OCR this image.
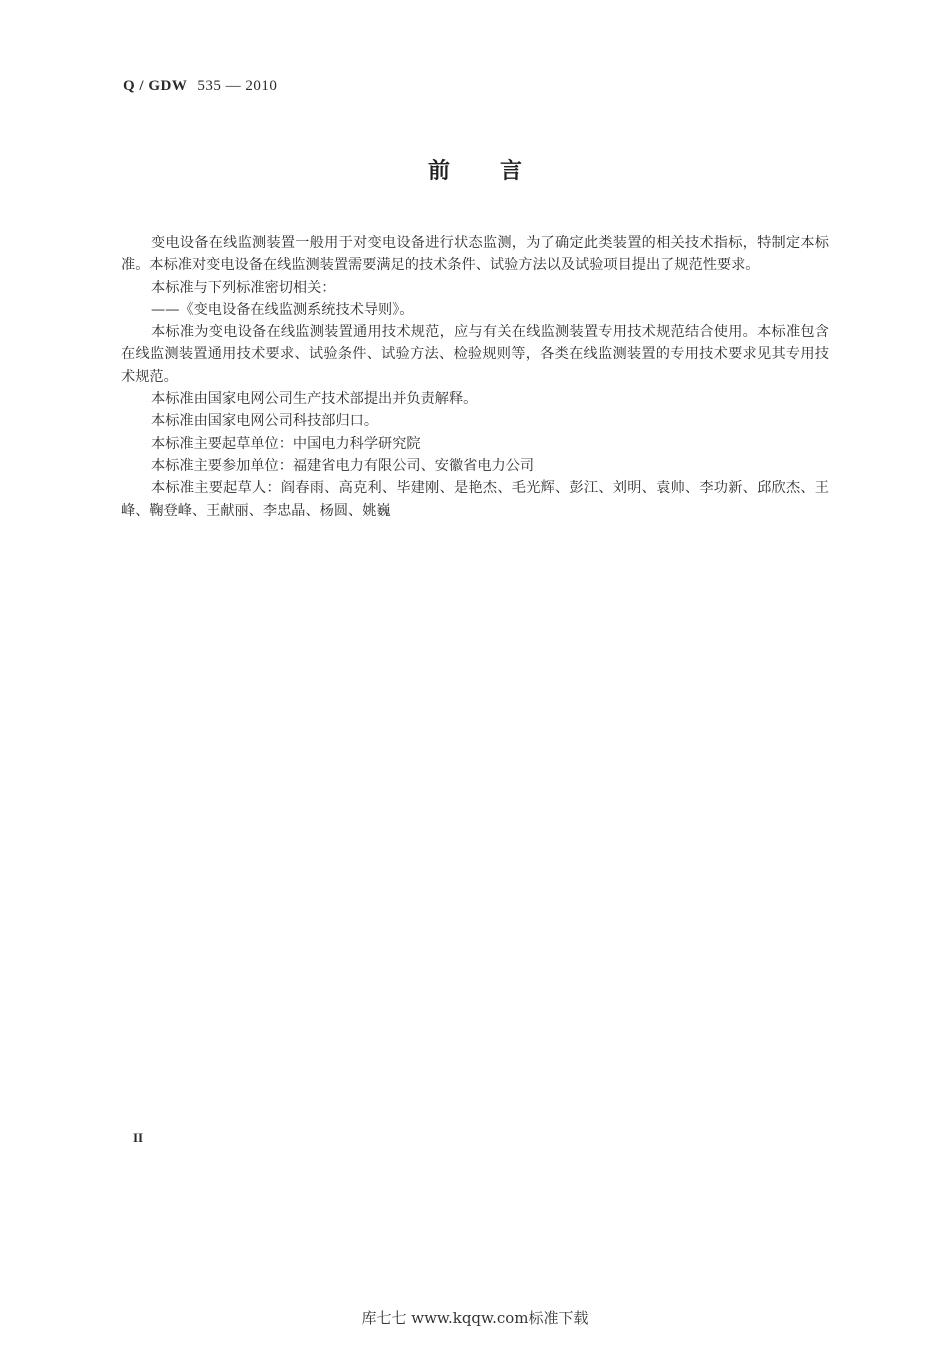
Q / GDW 535 — 2010
前言

变电设备在线监测装置一般用于对变电设备进行状态监测，为了确定此类装置的相关技术指标，特制定本标准。本标准对变电设备在线监测装置需要满足的技术条件、试验方法以及试验项目提出了规范性要求。

本标准与下列标准密切相关：

——《变电设备在线监测系统技术导则》。

本标准为变电设备在线监测装置通用技术规范，应与有关在线监测装置专用技术规范结合使用。本标准包含在线监测装置通用技术要求、试验条件、试验方法、检验规则等，各类在线监测装置的专用技术要求见其专用技术规范。

本标准由国家电网公司生产技术部提出并负责解释。

本标准由国家电网公司科技部归口。

本标准主要起草单位：中国电力科学研究院

本标准主要参加单位：福建省电力有限公司、安徽省电力公司

本标准主要起草人：阎春雨、高克利、毕建刚、是艳杰、毛光辉、彭江、刘明、袁帅、李功新、邱欣杰、王峰、鞠登峰、王献丽、李忠晶、杨圆、姚巍

II
库七七 www.kqqw.com标准下载
